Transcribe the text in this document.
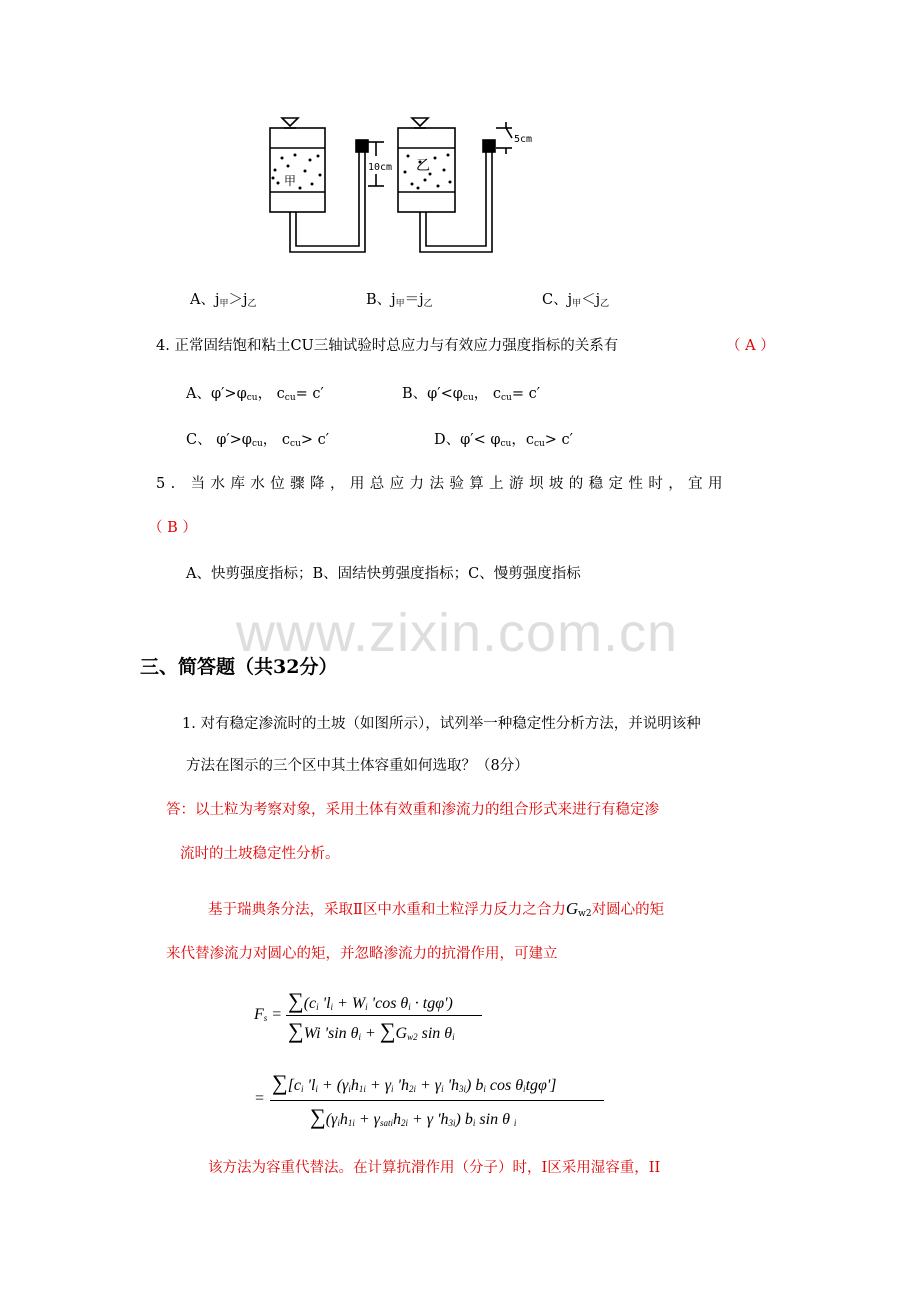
甲
乙
10cm
5cm
A、$j_甲>j_乙$	B、$j_甲=j_乙$	C、$j_甲<j_乙$
4. 正常固结饱和粘土CU三轴试验时总应力与有效应力强度指标的关系有	（ A ）
A、$\varphi'>\varphi_{cu}$， $c_{cu}= c'$	B、$\varphi'<\varphi_{cu}$， $c_{cu}= c'$
C、 $\varphi'>\varphi_{cu}$， $c_{cu}> c'$	D、$\varphi'< \varphi_{cu}$，$c_{cu}> c'$
5. 当水库水位骤降，用总应力法验算上游坝坡的稳定性时，宜用
（ B ）
A、快剪强度指标；B、固结快剪强度指标；C、慢剪强度指标
www.zixin.com.cn
三、简答题（共32分）
1. 对有稳定渗流时的土坡（如图所示），试列举一种稳定性分析方法，并说明该种
方法在图示的三个区中其土体容重如何选取？（8分）
答：以土粒为考察对象，采用土体有效重和渗流力的组合形式来进行有稳定渗
流时的土坡稳定性分析。
基于瑞典条分法，采取Ⅱ区中水重和土粒浮力反力之合力$G_{w2}$对圆心的矩
来代替渗流力对圆心的矩，并忽略渗流力的抗滑作用，可建立
$F_s$ =
$\sum(c_i$ '$l_i + W_i$ 'cos $\theta_i \cdot tg\varphi'$)
∑Wi 'sin $\theta_i + \sum G_{w2}$ $\sin \theta_i$
=
$\sum[c_i$ '$l_i + (\gamma_ih_{1i} + \gamma_i$ '$h_{2i} + \gamma_i$ '$h_{3i}$) $b_i$ $\cos \theta_itg\varphi'$]
$\sum(\gamma_ih_{1i} + \gamma_{sati}h_{2i} + \gamma$ '$h_{3i}$) $b_i$ sin θ $_i$
该方法为容重代替法。在计算抗滑作用（分子）时，Ⅰ区采用湿容重，II
